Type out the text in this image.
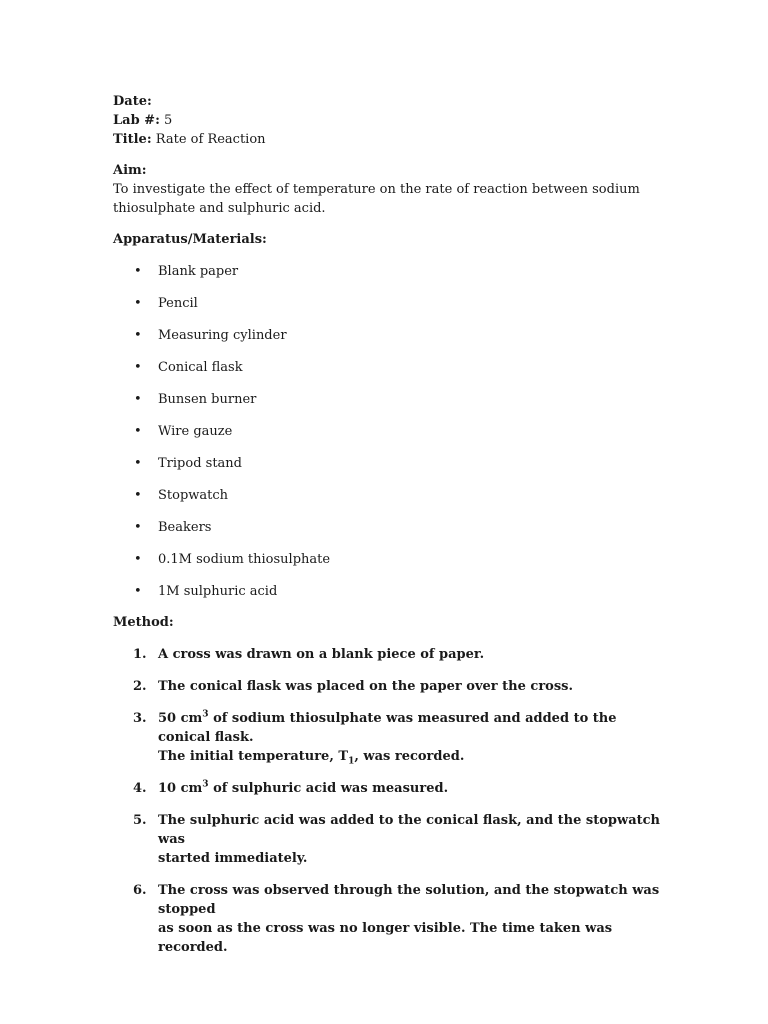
Date:
Lab #: 5
Title: Rate of Reaction
Aim:
To investigate the effect of temperature on the rate of reaction between sodium
thiosulphate and sulphuric acid.
Apparatus/Materials:
• Blank paper
• Pencil
• Measuring cylinder
• Conical flask
• Bunsen burner
• Wire gauze
• Tripod stand
• Stopwatch
• Beakers
• 0.1M sodium thiosulphate
• 1M sulphuric acid
Method:
1. A cross was drawn on a blank piece of paper.
2. The conical flask was placed on the paper over the cross.
3. 50 $cm^3$ of sodium thiosulphate was measured and added to the conical flask.
The initial temperature, $T_1$, was recorded.
4. 10 $cm^3$ of sulphuric acid was measured.
5. The sulphuric acid was added to the conical flask, and the stopwatch was
started immediately.
6. The cross was observed through the solution, and the stopwatch was stopped
as soon as the cross was no longer visible. The time taken was recorded.
